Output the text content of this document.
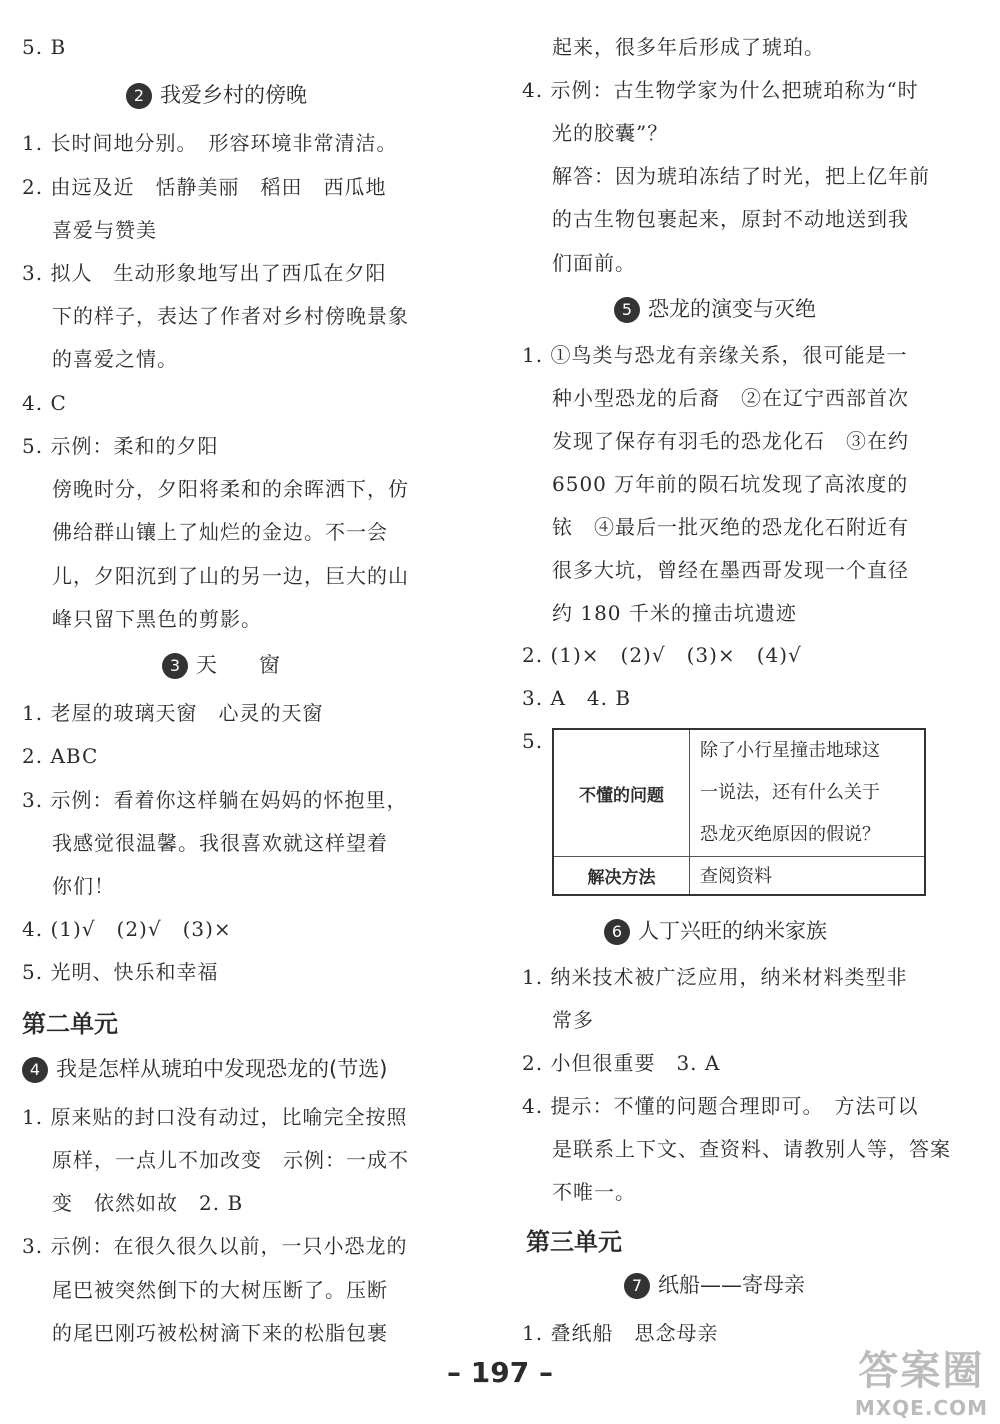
5. B
2 我爱乡村的傍晚
1. 长时间地分别。　形容环境非常清洁。
2. 由远及近　恬静美丽　稻田　西瓜地
喜爱与赞美
3. 拟人　生动形象地写出了西瓜在夕阳
下的样子，表达了作者对乡村傍晚景象
的喜爱之情。
4. C
5. 示例：柔和的夕阳
傍晚时分，夕阳将柔和的余晖洒下，仿
佛给群山镶上了灿烂的金边。不一会
儿，夕阳沉到了山的另一边，巨大的山
峰只留下黑色的剪影。
3 天　　窗
1. 老屋的玻璃天窗　心灵的天窗
2. ABC
3. 示例：看着你这样躺在妈妈的怀抱里，
我感觉很温馨。我很喜欢就这样望着
你们！
4. (1)√　(2)√　(3)×
5. 光明、快乐和幸福
第二单元
4 我是怎样从琥珀中发现恐龙的(节选)
1. 原来贴的封口没有动过，比喻完全按照
原样，一点儿不加改变　示例：一成不
变　依然如故　2. B
3. 示例：在很久很久以前，一只小恐龙的
尾巴被突然倒下的大树压断了。压断
的尾巴刚巧被松树滴下来的松脂包裹
起来，很多年后形成了琥珀。
4. 示例：古生物学家为什么把琥珀称为“时
光的胶囊”？
解答：因为琥珀冻结了时光，把上亿年前
的古生物包裹起来，原封不动地送到我
们面前。
5 恐龙的演变与灭绝
1. ①鸟类与恐龙有亲缘关系，很可能是一
种小型恐龙的后裔　②在辽宁西部首次
发现了保存有羽毛的恐龙化石　③在约
6500 万年前的陨石坑发现了高浓度的
铱　④最后一批灭绝的恐龙化石附近有
很多大坑，曾经在墨西哥发现一个直径
约 180 千米的撞击坑遗迹
2. (1)×　(2)√　(3)×　(4)√
3. A　4. B
5.
不懂的问题	除了小行星撞击地球这
一说法，还有什么关于
恐龙灭绝原因的假说？

解决方法	查阅资料
6 人丁兴旺的纳米家族
1. 纳米技术被广泛应用，纳米材料类型非
常多
2. 小但很重要　3. A
4. 提示：不懂的问题合理即可。　方法可以
是联系上下文、查资料、请教别人等，答案
不唯一。
第三单元
7 纸船——寄母亲
1. 叠纸船　思念母亲
– 197 –	答案圈
MXQE.COM
